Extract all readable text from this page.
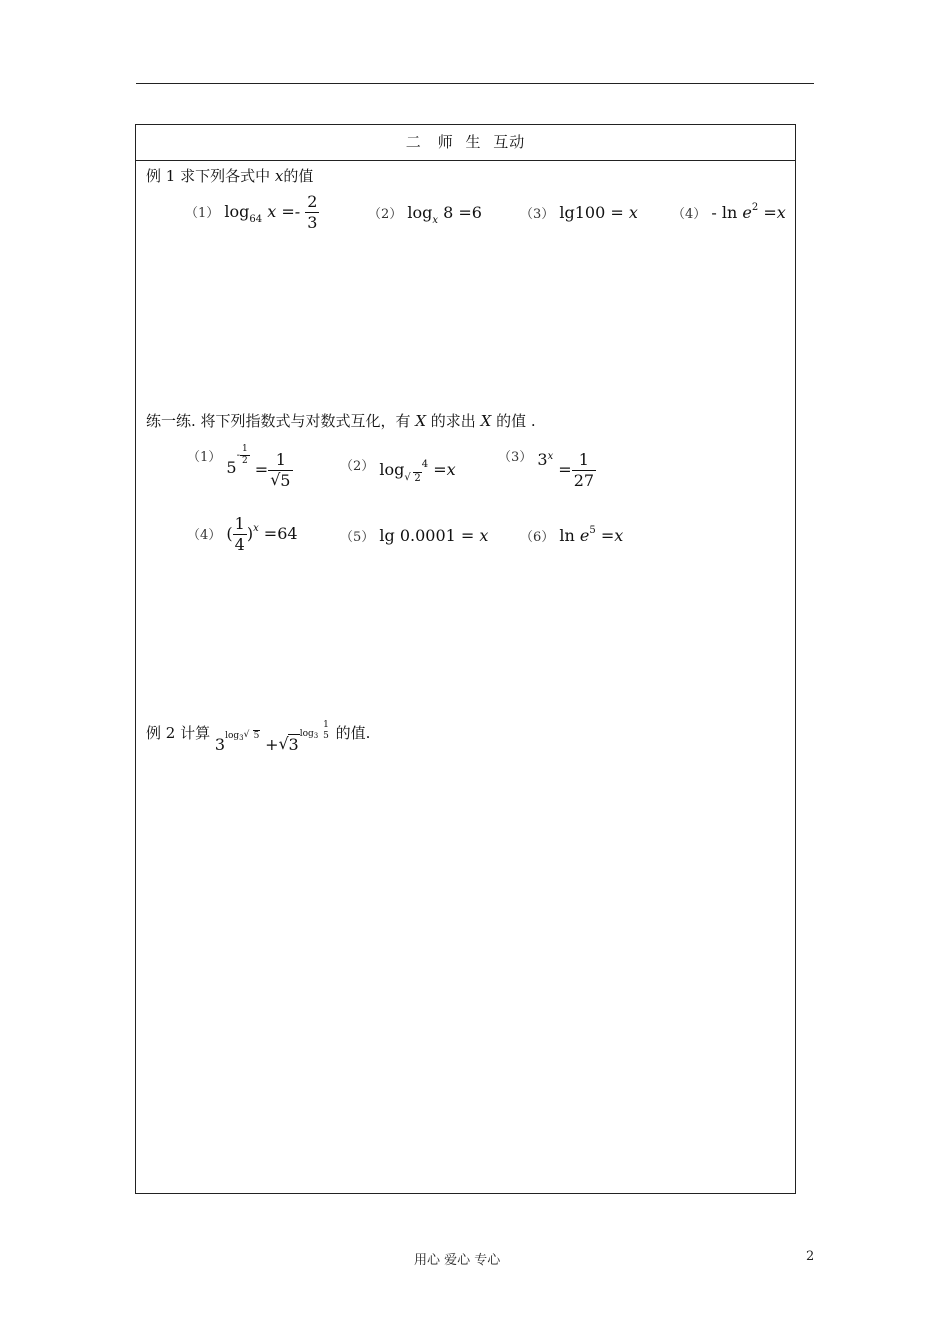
二　师 生 互动
例 1 求下列各式中 x的值
（1） $\log_{64} x =- \frac{2}{3}$	（2） $\log_x 8 =6$	（3） lg100 = x	$(4) - \ln e^2 =x$
练一练. 将下列指数式与对数式互化，有 X 的求出 X 的值 .
$^{(1)}$ $5- \frac{1}{2}$
= 1
√ 5	$^{(2)}$ log√ $_2^4$ =x
$^{(3)}$ $3^x = \frac{1}{27}$
（4） ( $\frac{1}{4} )^x =64$	（5） lg 0.0001 = x （6） $\ln e^5 =x$
例 2 计算 $3\log_3√$ 5 +√ $3\log_3$
1
5 的值.
用心 爱心 专心	2
